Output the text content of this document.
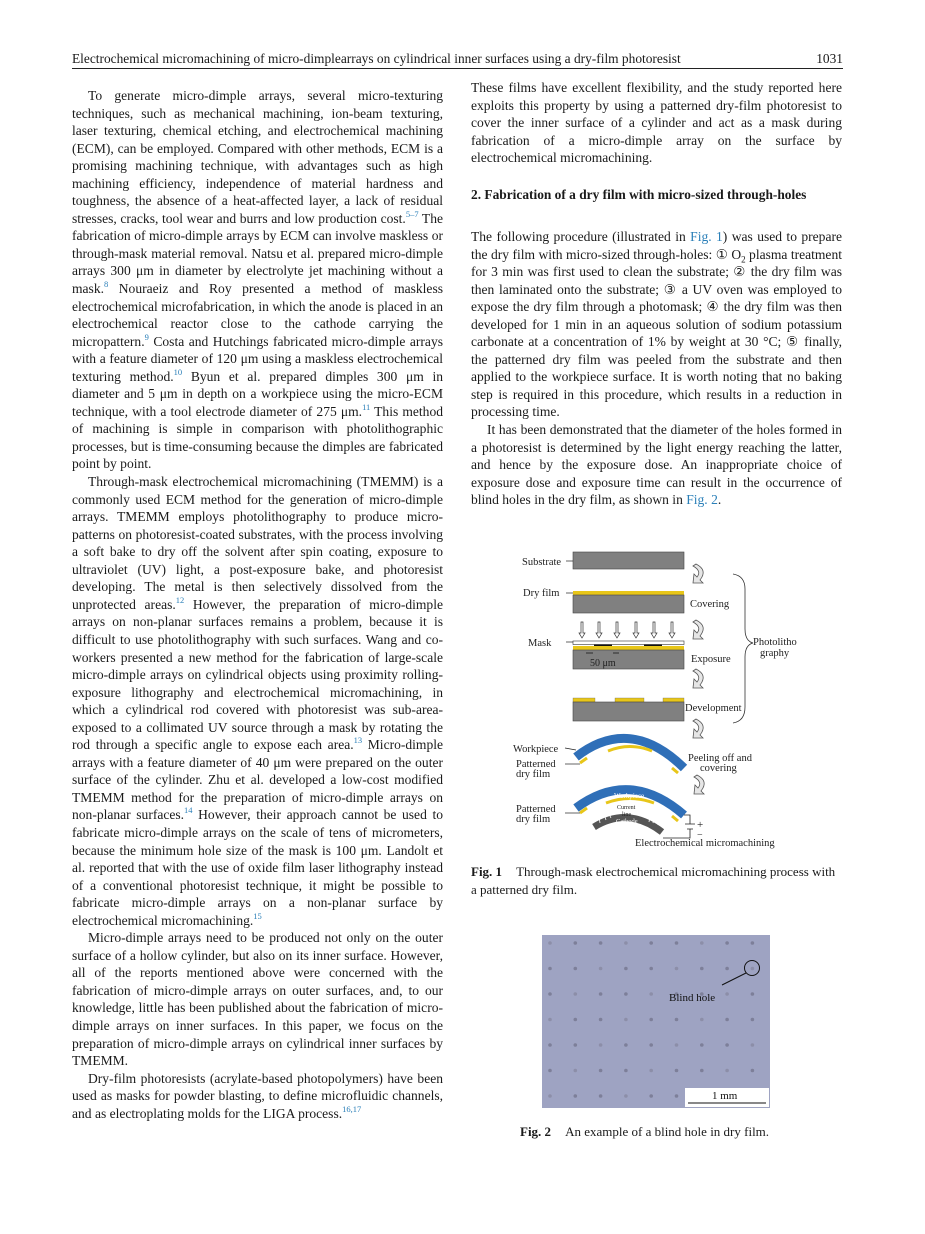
Electrochemical micromachining of micro-dimplearrays on cylindrical inner surfaces using a dry-film photoresist	1031

To generate micro-dimple arrays, several micro-texturing techniques, such as mechanical machining, ion-beam texturing, laser texturing, chemical etching, and electrochemical machining (ECM), can be employed. Compared with other methods, ECM is a promising machining technique, with advantages such as high machining efficiency, independence of material hardness and toughness, the absence of a heat-affected layer, a lack of residual stresses, cracks, tool wear and burrs and low production cost.$^{5-7}$ The fabrication of micro-dimple arrays by ECM can involve maskless or through-mask material removal. Natsu et al. prepared micro-dimple arrays 300 μm in diameter by electrolyte jet machining without a mask.$^8$ Nouraeiz and Roy presented a method of maskless electrochemical microfabrication, in which the anode is placed in an electrochemical reactor close to the cathode carrying the micropattern.$^9$ Costa and Hutchings fabricated micro-dimple arrays with a feature diameter of 120 μm using a maskless electrochemical texturing method.$^{10}$ Byun et al. prepared dimples 300 μm in diameter and 5 μm in depth on a workpiece using the micro-ECM technique, with a tool electrode diameter of 275 μm.$^{11}$ This method of machining is simple in comparison with photolithographic processes, but is time-consuming because the dimples are fabricated point by point.

Through-mask electrochemical micromachining (TMEMM) is a commonly used ECM method for the generation of micro-dimple arrays. TMEMM employs photolithography to produce micro-patterns on photoresist-coated substrates, with the process involving a soft bake to dry off the solvent after spin coating, exposure to ultraviolet (UV) light, a post-exposure bake, and photoresist developing. The metal is then selectively dissolved from the unprotected areas.$^{12}$ However, the preparation of micro-dimple arrays on non-planar surfaces remains a problem, because it is difficult to use photolithography with such surfaces. Wang and co-workers presented a new method for the fabrication of large-scale micro-dimple arrays on cylindrical objects using proximity rolling-exposure lithography and electrochemical micromachining, in which a cylindrical rod covered with photoresist was sub-area-exposed to a collimated UV source through a mask by rotating the rod through a specific angle to expose each area.$^{13}$ Micro-dimple arrays with a feature diameter of 40 μm were prepared on the outer surface of the cylinder. Zhu et al. developed a low-cost modified TMEMM method for the preparation of micro-dimple arrays on non-planar surfaces.$^{14}$ However, their approach cannot be used to fabricate micro-dimple arrays on the scale of tens of micrometers, because the minimum hole size of the mask is 100 μm. Landolt et al. reported that with the use of oxide film laser lithography instead of a conventional photoresist technique, it might be possible to fabricate micro-dimple arrays on a non-planar surface by electrochemical micromachining.$^{15}$

Micro-dimple arrays need to be produced not only on the outer surface of a hollow cylinder, but also on its inner surface. However, all of the reports mentioned above were concerned with the fabrication of micro-dimple arrays on outer surfaces, and, to our knowledge, little has been published about the fabrication of micro-dimple arrays on inner surfaces. In this paper, we focus on the preparation of micro-dimple arrays on cylindrical inner surfaces by TMEMM.

Dry-film photoresists (acrylate-based photopolymers) have been used as masks for powder blasting, to define microfluidic channels, and as electroplating molds for the LIGA process.$^{16,17}$

These films have excellent flexibility, and the study reported here exploits this property by using a patterned dry-film photoresist to cover the inner surface of a cylinder and act as a mask during fabrication of a micro-dimple array on the surface by electrochemical micromachining.

2. Fabrication of a dry film with micro-sized through-holes

The following procedure (illustrated in Fig. 1) was used to prepare the dry film with micro-sized through-holes: ① $O_2$ plasma treatment for 3 min was first used to clean the substrate; ② the dry film was then laminated onto the substrate; ③ a UV oven was employed to expose the dry film through a photomask; ④ the dry film was then developed for 1 min in an aqueous solution of sodium potassium carbonate at a concentration of 1% by weight at 30 °C; ⑤ finally, the patterned dry film was peeled from the substrate and then applied to the workpiece surface. It is worth noting that no baking step is required in this procedure, which results in a reduction in processing time.

It has been demonstrated that the diameter of the holes formed in a photoresist is determined by the light energy reaching the latter, and hence by the exposure dose. An inappropriate choice of exposure dose and exposure time can result in the occurrence of blind holes in the dry film, as shown in Fig. 2.

Substrate
Dry film
Mask
50 μm
Covering
Exposure
Development
Photolitho
graphy
Workpiece
Patterned
dry film
Peeling off and
covering
Workpiece
Current
line
Cathode	+
−
Patterned
dry film
Electrochemical micromachining
Fig. 1 Through-mask electrochemical micromachining process with a patterned dry film.
Blind hole
1 mm
Fig. 2 An example of a blind hole in dry film.
